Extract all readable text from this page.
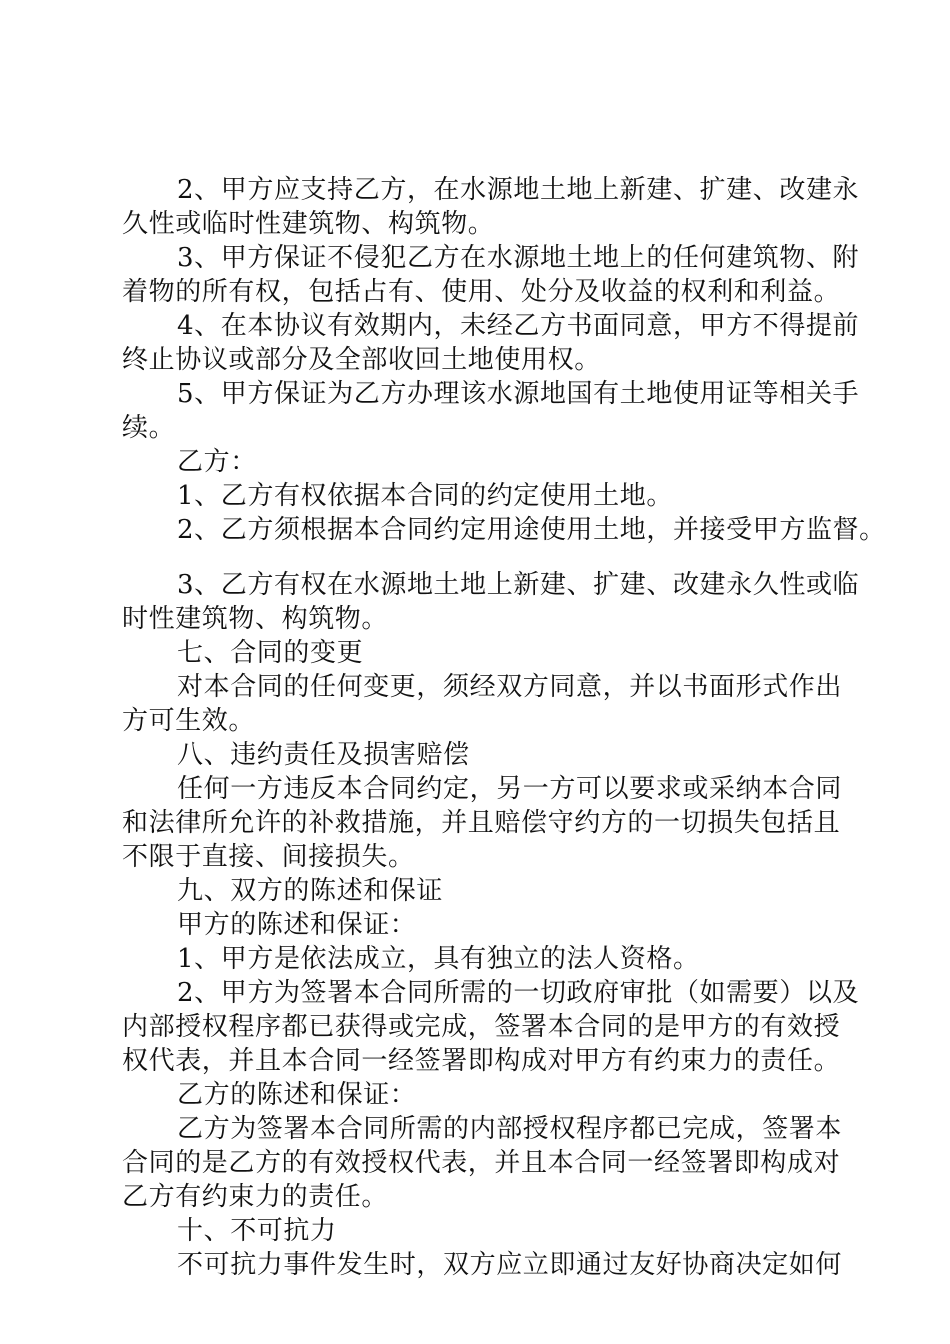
2、甲方应支持乙方，在水源地土地上新建、扩建、改建永
久性或临时性建筑物、构筑物。
3、甲方保证不侵犯乙方在水源地土地上的任何建筑物、附
着物的所有权，包括占有、使用、处分及收益的权利和利益。
4、在本协议有效期内，未经乙方书面同意，甲方不得提前
终止协议或部分及全部收回土地使用权。
5、甲方保证为乙方办理该水源地国有土地使用证等相关手
续。
乙方：
1、乙方有权依据本合同的约定使用土地。
2、乙方须根据本合同约定用途使用土地，并接受甲方监督。
3、乙方有权在水源地土地上新建、扩建、改建永久性或临
时性建筑物、构筑物。
七、合同的变更
对本合同的任何变更，须经双方同意，并以书面形式作出
方可生效。
八、违约责任及损害赔偿
任何一方违反本合同约定，另一方可以要求或采纳本合同
和法律所允许的补救措施，并且赔偿守约方的一切损失包括且
不限于直接、间接损失。
九、双方的陈述和保证
甲方的陈述和保证：
1、甲方是依法成立，具有独立的法人资格。
2、甲方为签署本合同所需的一切政府审批（如需要）以及
内部授权程序都已获得或完成，签署本合同的是甲方的有效授
权代表，并且本合同一经签署即构成对甲方有约束力的责任。
乙方的陈述和保证：
乙方为签署本合同所需的内部授权程序都已完成，签署本
合同的是乙方的有效授权代表，并且本合同一经签署即构成对
乙方有约束力的责任。
十、不可抗力
不可抗力事件发生时，双方应立即通过友好协商决定如何
